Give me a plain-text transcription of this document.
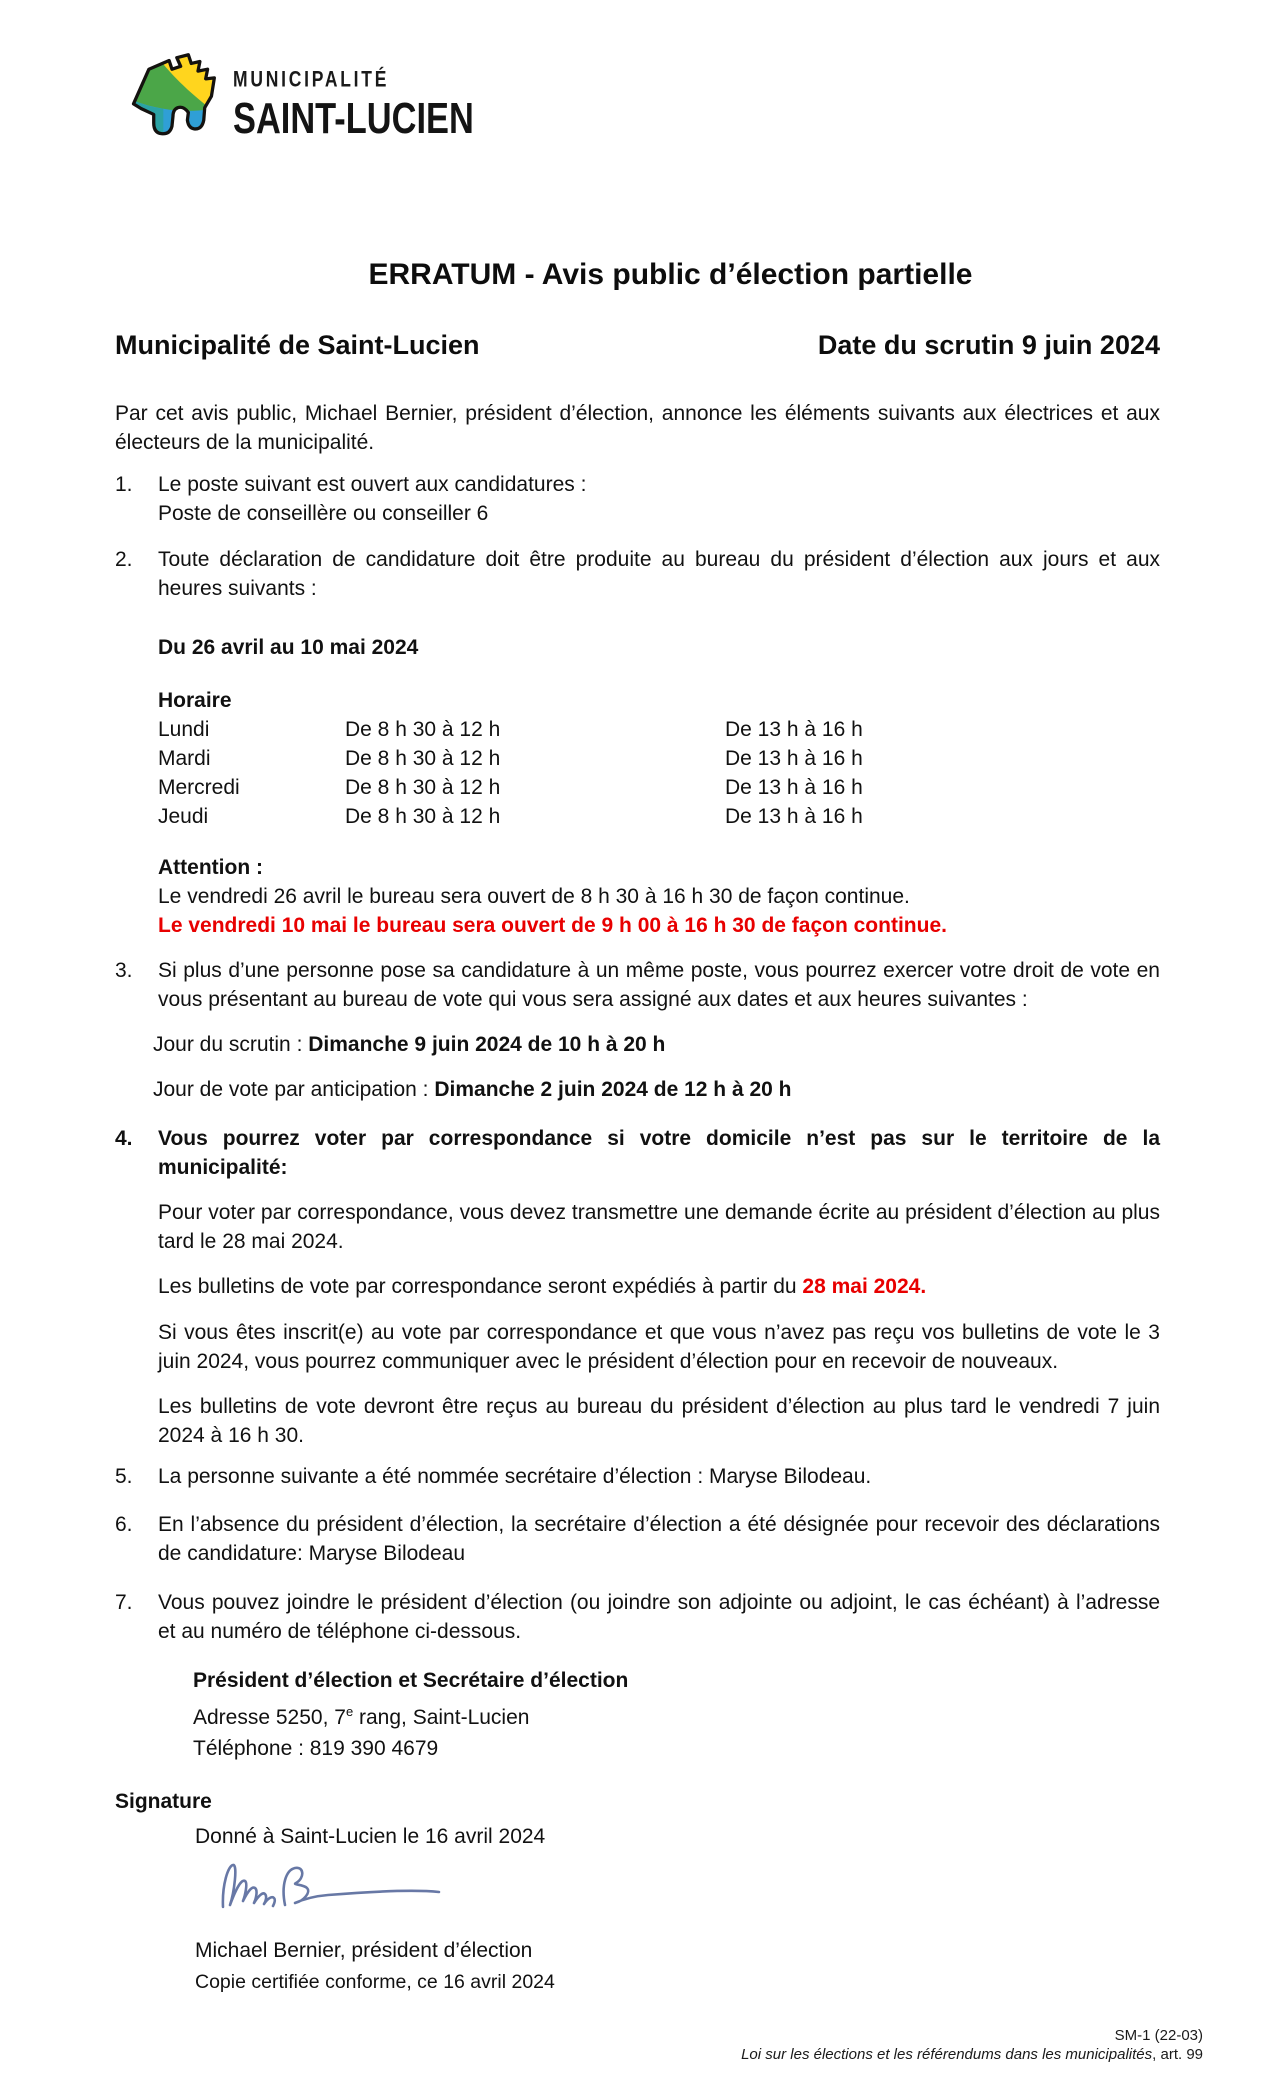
MUNICIPALITÉ
SAINT-LUCIEN
ERRATUM - Avis public d’élection partielle
Municipalité de Saint-Lucien	Date du scrutin 9 juin 2024

Par cet avis public, Michael Bernier, président d’élection, annonce les éléments suivants aux électrices et aux électeurs de la municipalité.

1.	Le poste suivant est ouvert aux candidatures :
Poste de conseillère ou conseiller 6
2.	Toute déclaration de candidature doit être produite au bureau du président d’élection aux jours et aux heures suivants :
Du 26 avril au 10 mai 2024
Horaire
Lundi	De 8 h 30 à 12 h	De 13 h à 16 h
Mardi	De 8 h 30 à 12 h	De 13 h à 16 h
Mercredi	De 8 h 30 à 12 h	De 13 h à 16 h
Jeudi	De 8 h 30 à 12 h	De 13 h à 16 h
Attention :
Le vendredi 26 avril le bureau sera ouvert de 8 h 30 à 16 h 30 de façon continue.
Le vendredi 10 mai le bureau sera ouvert de 9 h 00 à 16 h 30 de façon continue.
3.	Si plus d’une personne pose sa candidature à un même poste, vous pourrez exercer votre droit de vote en vous présentant au bureau de vote qui vous sera assigné aux dates et aux heures suivantes :

Jour du scrutin : Dimanche 9 juin 2024 de 10 h à 20 h

Jour de vote par anticipation : Dimanche 2 juin 2024 de 12 h à 20 h

4.	Vous pourrez voter par correspondance si votre domicile n’est pas sur le territoire de la municipalité:

Pour voter par correspondance, vous devez transmettre une demande écrite au président d’élection au plus tard le 28 mai 2024.

Les bulletins de vote par correspondance seront expédiés à partir du 28 mai 2024.

Si vous êtes inscrit(e) au vote par correspondance et que vous n’avez pas reçu vos bulletins de vote le 3 juin 2024, vous pourrez communiquer avec le président d’élection pour en recevoir de nouveaux.

Les bulletins de vote devront être reçus au bureau du président d’élection au plus tard le vendredi 7 juin 2024 à 16 h 30.

5.	La personne suivante a été nommée secrétaire d’élection : Maryse Bilodeau.
6.	En l’absence du président d’élection, la secrétaire d’élection a été désignée pour recevoir des déclarations de candidature: Maryse Bilodeau
7.	Vous pouvez joindre le président d’élection (ou joindre son adjointe ou adjoint, le cas échéant) à l’adresse et au numéro de téléphone ci-dessous.
Président d’élection et Secrétaire d’élection
Adresse 5250, 7e rang, Saint-Lucien
Téléphone : 819 390 4679
Signature
Donné à Saint-Lucien le 16 avril 2024
Michael Bernier, président d’élection
Copie certifiée conforme, ce 16 avril 2024
SM-1 (22-03)
Loi sur les élections et les référendums dans les municipalités, art. 99
